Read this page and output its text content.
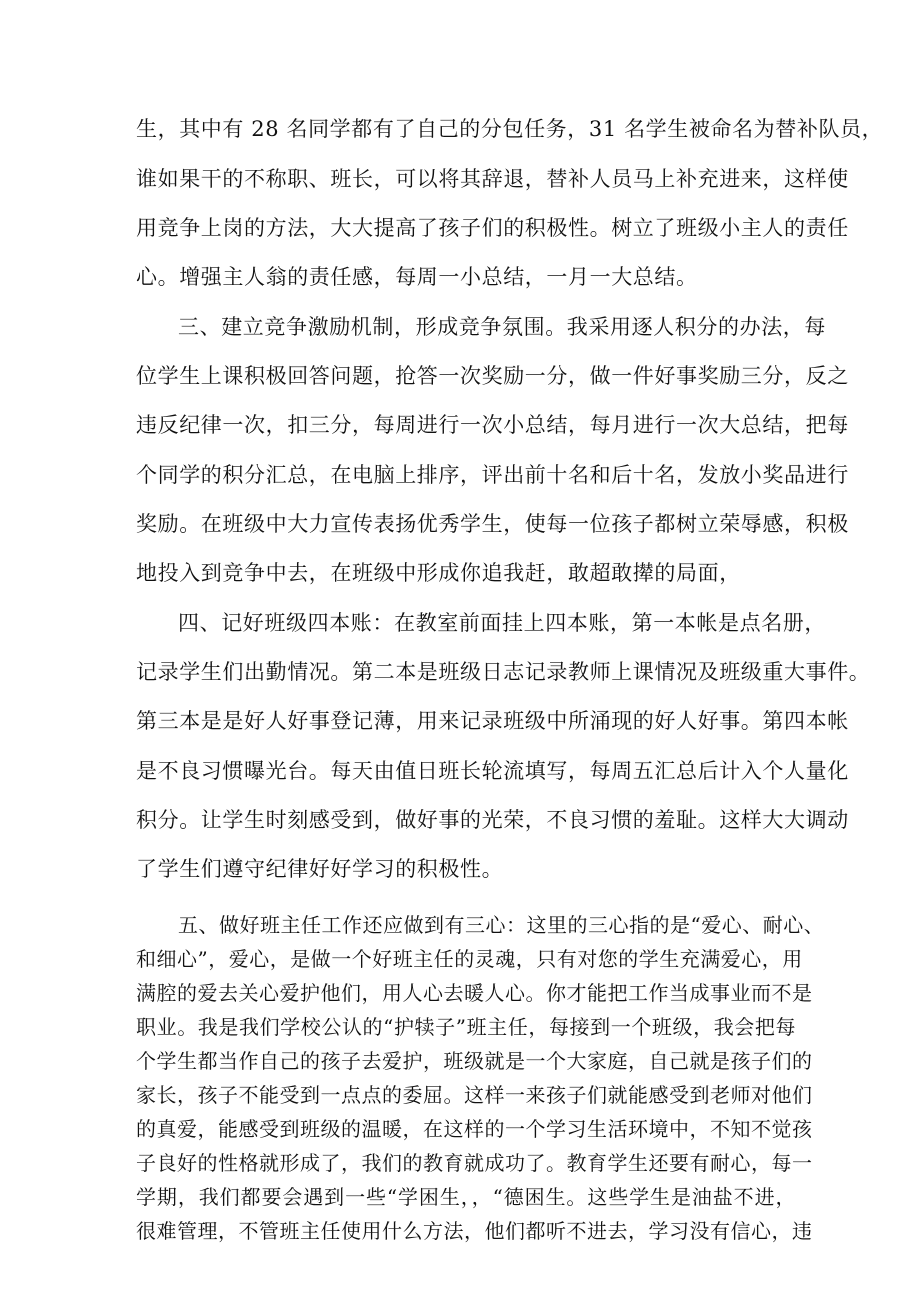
生，其中有 28 名同学都有了自己的分包任务，31 名学生被命名为替补队员，
谁如果干的不称职、班长，可以将其辞退，替补人员马上补充进来，这样使
用竞争上岗的方法，大大提高了孩子们的积极性。树立了班级小主人的责任
心。增强主人翁的责任感，每周一小总结，一月一大总结。
三、建立竞争激励机制，形成竞争氛围。我采用逐人积分的办法，每
位学生上课积极回答问题，抢答一次奖励一分，做一件好事奖励三分，反之
违反纪律一次，扣三分，每周进行一次小总结，每月进行一次大总结，把每
个同学的积分汇总，在电脑上排序，评出前十名和后十名，发放小奖品进行
奖励。在班级中大力宣传表扬优秀学生，使每一位孩子都树立荣辱感，积极
地投入到竞争中去，在班级中形成你追我赶，敢超敢撵的局面，
四、记好班级四本账：在教室前面挂上四本账，第一本帐是点名册，
记录学生们出勤情况。第二本是班级日志记录教师上课情况及班级重大事件。
第三本是是好人好事登记薄，用来记录班级中所涌现的好人好事。第四本帐
是不良习惯曝光台。每天由值日班长轮流填写，每周五汇总后计入个人量化
积分。让学生时刻感受到，做好事的光荣，不良习惯的羞耻。这样大大调动
了学生们遵守纪律好好学习的积极性。
五、做好班主任工作还应做到有三心：这里的三心指的是“爱心、耐心、
和细心”，爱心，是做一个好班主任的灵魂，只有对您的学生充满爱心，用
满腔的爱去关心爱护他们，用人心去暖人心。你才能把工作当成事业而不是
职业。我是我们学校公认的“护犊子”班主任，每接到一个班级，我会把每
个学生都当作自己的孩子去爱护，班级就是一个大家庭，自己就是孩子们的
家长，孩子不能受到一点点的委屈。这样一来孩子们就能感受到老师对他们
的真爱，能感受到班级的温暖，在这样的一个学习生活环境中，不知不觉孩
子良好的性格就形成了，我们的教育就成功了。教育学生还要有耐心，每一
学期，我们都要会遇到一些“学困生，，“德困生。这些学生是油盐不进，
很难管理，不管班主任使用什么方法，他们都听不进去，学习没有信心，违
